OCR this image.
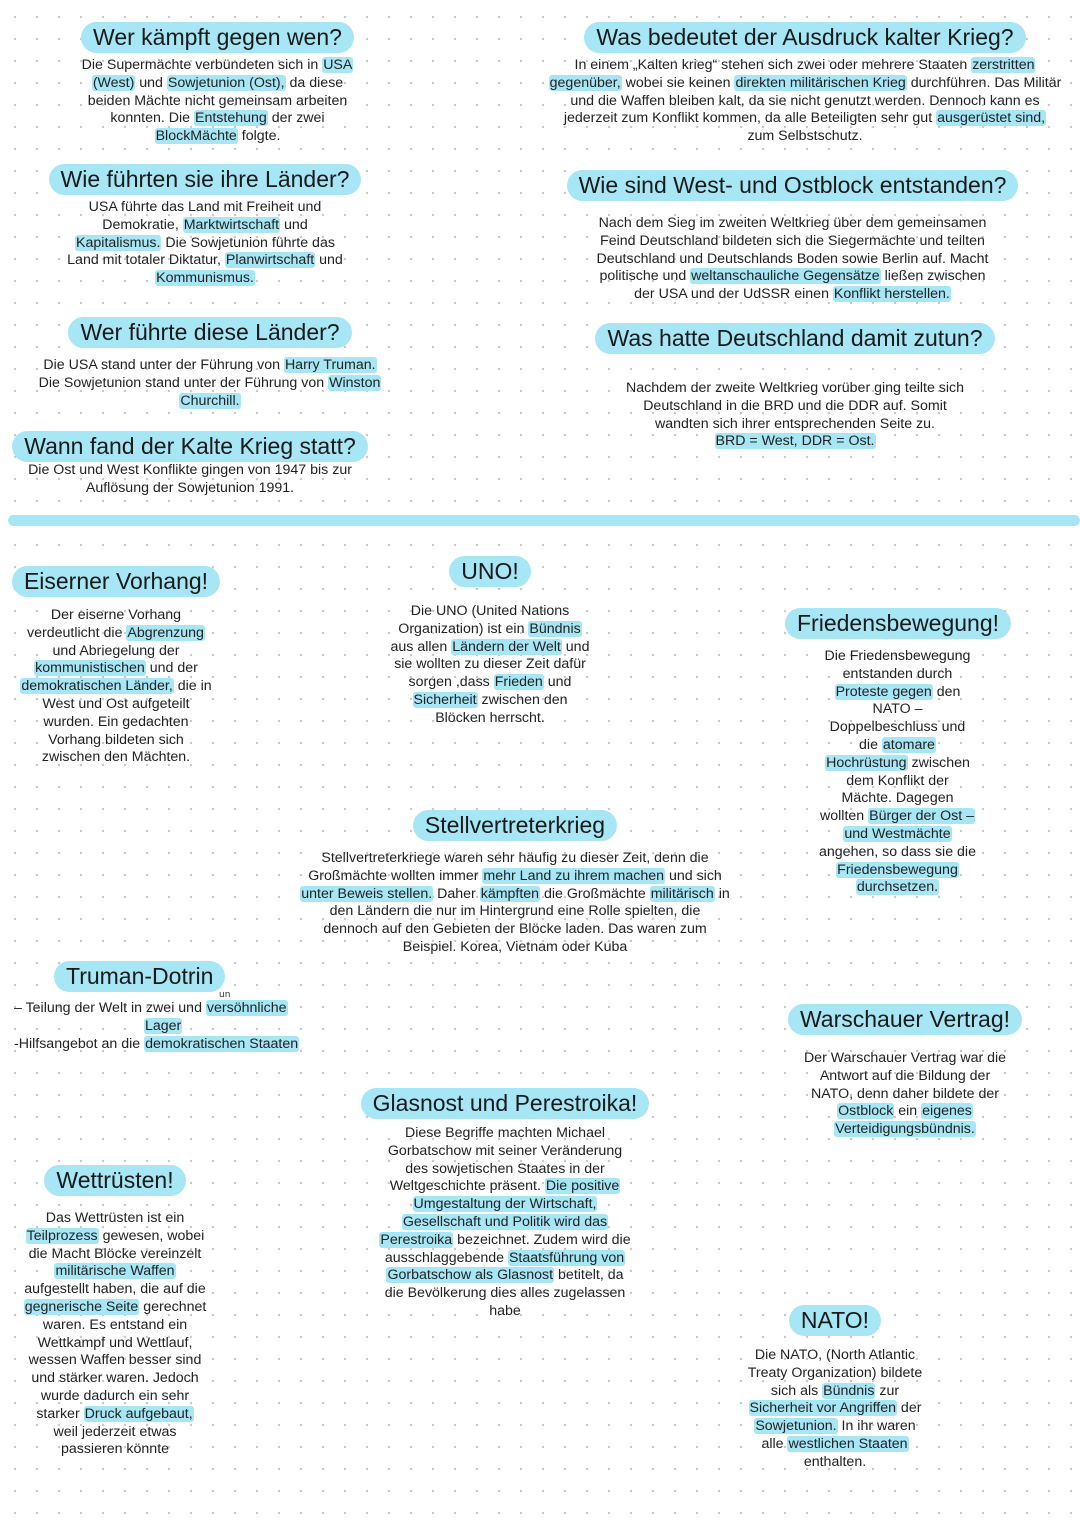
Wer kämpft gegen wen?
Die Supermächte verbündeten sich in USA
(West) und Sowjetunion (Ost), da diese
beiden Mächte nicht gemeinsam arbeiten
konnten. Die Entstehung der zwei
BlockMächte folgte.
Was bedeutet der Ausdruck kalter Krieg?
In einem „Kalten krieg“ stehen sich zwei oder mehrere Staaten zerstritten
gegenüber, wobei sie keinen direkten militärischen Krieg durchführen. Das Militär
und die Waffen bleiben kalt, da sie nicht genutzt werden. Dennoch kann es
jederzeit zum Konflikt kommen, da alle Beteiligten sehr gut ausgerüstet sind,
zum Selbstschutz.
Wie führten sie ihre Länder?
USA führte das Land mit Freiheit und
Demokratie, Marktwirtschaft und
Kapitalismus. Die Sowjetunion führte das
Land mit totaler Diktatur, Planwirtschaft und
Kommunismus.
Wie sind West- und Ostblock entstanden?
Nach dem Sieg im zweiten Weltkrieg über dem gemeinsamen
Feind Deutschland bildeten sich die Siegermächte und teilten
Deutschland und Deutschlands Boden sowie Berlin auf. Macht
politische und weltanschauliche Gegensätze ließen zwischen
der USA und der UdSSR einen Konflikt herstellen.
Wer führte diese Länder?
Die USA stand unter der Führung von Harry Truman.
Die Sowjetunion stand unter der Führung von Winston
Churchill.
Was hatte Deutschland damit zutun?
Nachdem der zweite Weltkrieg vorüber ging teilte sich
Deutschland in die BRD und die DDR auf. Somit
wandten sich ihrer entsprechenden Seite zu.
BRD = West, DDR = Ost.
Wann fand der Kalte Krieg statt?
Die Ost und West Konflikte gingen von 1947 bis zur
Auflösung der Sowjetunion 1991.
Eiserner Vorhang!
Der eiserne Vorhang
verdeutlicht die Abgrenzung
und Abriegelung der
kommunistischen und der
demokratischen Länder, die in
West und Ost aufgeteilt
wurden. Ein gedachten
Vorhang bildeten sich
zwischen den Mächten.
UNO!
Die UNO (United Nations
Organization) ist ein Bündnis
aus allen Ländern der Welt und
sie wollten zu dieser Zeit dafür
sorgen ,dass Frieden und
Sicherheit zwischen den
Blöcken herrscht.
Friedensbewegung!
Die Friedensbewegung
entstanden durch
Proteste gegen den
NATO –
Doppelbeschluss und
die atomare
Hochrüstung zwischen
dem Konflikt der
Mächte. Dagegen
wollten Bürger der Ost –
und Westmächte
angehen, so dass sie die
Friedensbewegung
durchsetzen.
Stellvertreterkrieg
Stellvertreterkriege waren sehr häufig zu dieser Zeit, denn die
Großmächte wollten immer mehr Land zu ihrem machen und sich
unter Beweis stellen. Daher kämpften die Großmächte militärisch in
den Ländern die nur im Hintergrund eine Rolle spielten, die
dennoch auf den Gebieten der Blöcke laden. Das waren zum
Beispiel. Korea, Vietnam oder Kuba
Truman-Dotrin
– Teilung der Welt in zwei und versöhnliche
Lager
-Hilfsangebot an die demokratischen Staaten
un
Warschauer Vertrag!
Der Warschauer Vertrag war die
Antwort auf die Bildung der
NATO, denn daher bildete der
Ostblock ein eigenes
Verteidigungsbündnis.
Glasnost und Perestroika!
Diese Begriffe machten Michael
Gorbatschow mit seiner Veränderung
des sowjetischen Staates in der
Weltgeschichte präsent. Die positive
Umgestaltung der Wirtschaft,
Gesellschaft und Politik wird das
Perestroika bezeichnet. Zudem wird die
ausschlaggebende Staatsführung von
Gorbatschow als Glasnost betitelt, da
die Bevölkerung dies alles zugelassen
habe
Wettrüsten!
Das Wettrüsten ist ein
Teilprozess gewesen, wobei
die Macht Blöcke vereinzelt
militärische Waffen
aufgestellt haben, die auf die
gegnerische Seite gerechnet
waren. Es entstand ein
Wettkampf und Wettlauf,
wessen Waffen besser sind
und stärker waren. Jedoch
wurde dadurch ein sehr
starker Druck aufgebaut,
weil jederzeit etwas
passieren könnte
NATO!
Die NATO, (North Atlantic
Treaty Organization) bildete
sich als Bündnis zur
Sicherheit vor Angriffen der
Sowjetunion. In ihr waren
alle westlichen Staaten
enthalten.
